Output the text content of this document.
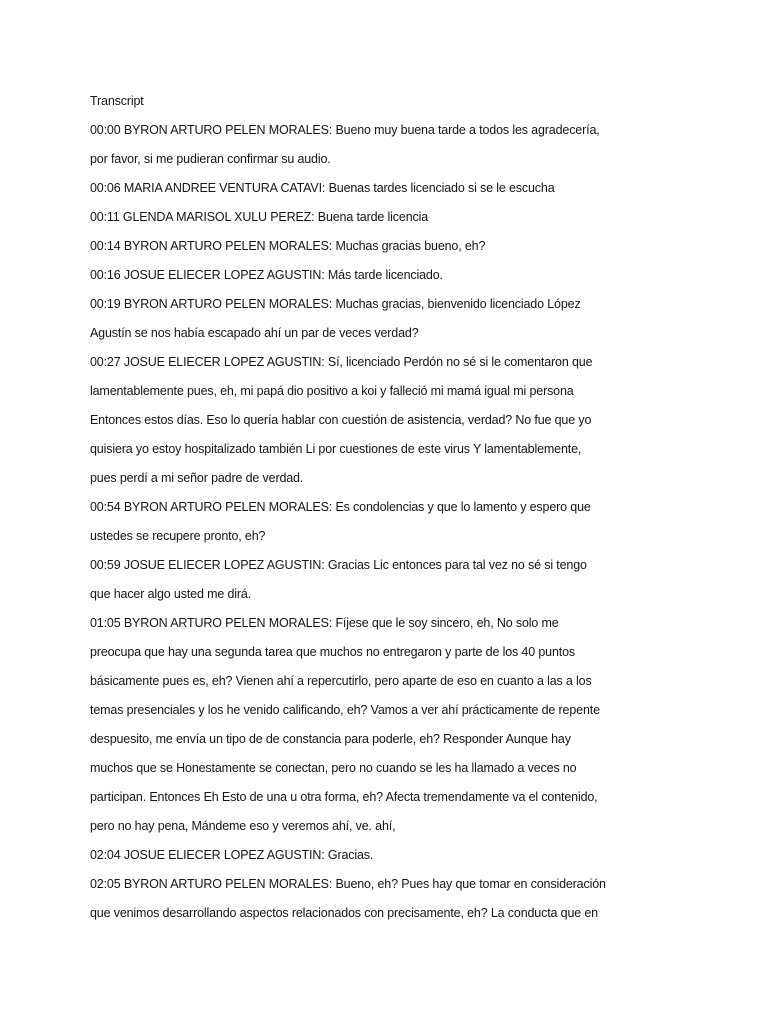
Transcript
00:00 BYRON ARTURO PELEN MORALES: Bueno muy buena tarde a todos les agradecería,
por favor, si me pudieran confirmar su audio.
00:06 MARIA ANDREE VENTURA CATAVI: Buenas tardes licenciado si se le escucha
00:11 GLENDA MARISOL XULU PEREZ: Buena tarde licencia
00:14 BYRON ARTURO PELEN MORALES: Muchas gracias bueno, eh?
00:16 JOSUE ELIECER LOPEZ AGUSTIN: Más tarde licenciado.
00:19 BYRON ARTURO PELEN MORALES: Muchas gracias, bienvenido licenciado López
Agustín se nos había escapado ahí un par de veces verdad?
00:27 JOSUE ELIECER LOPEZ AGUSTIN: Sí, licenciado Perdón no sé si le comentaron que
lamentablemente pues, eh, mi papá dio positivo a koi y falleció mi mamá igual mi persona
Entonces estos días. Eso lo quería hablar con cuestión de asistencia, verdad? No fue que yo
quisiera yo estoy hospitalizado también Li por cuestiones de este virus Y lamentablemente,
pues perdí a mi señor padre de verdad.
00:54 BYRON ARTURO PELEN MORALES: Es condolencias y que lo lamento y espero que
ustedes se recupere pronto, eh?
00:59 JOSUE ELIECER LOPEZ AGUSTIN: Gracias Lic entonces para tal vez no sé si tengo
que hacer algo usted me dirá.
01:05 BYRON ARTURO PELEN MORALES: Fíjese que le soy sincero, eh, No solo me
preocupa que hay una segunda tarea que muchos no entregaron y parte de los 40 puntos
básicamente pues es, eh? Vienen ahí a repercutirlo, pero aparte de eso en cuanto a las a los
temas presenciales y los he venido calificando, eh? Vamos a ver ahí prácticamente de repente
despuesito, me envía un tipo de de constancia para poderle, eh? Responder Aunque hay
muchos que se Honestamente se conectan, pero no cuando se les ha llamado a veces no
participan. Entonces Eh Esto de una u otra forma, eh? Afecta tremendamente va el contenido,
pero no hay pena, Mándeme eso y veremos ahí, ve. ahí,
02:04 JOSUE ELIECER LOPEZ AGUSTIN: Gracias.
02:05 BYRON ARTURO PELEN MORALES: Bueno, eh? Pues hay que tomar en consideración
que venimos desarrollando aspectos relacionados con precisamente, eh? La conducta que en
